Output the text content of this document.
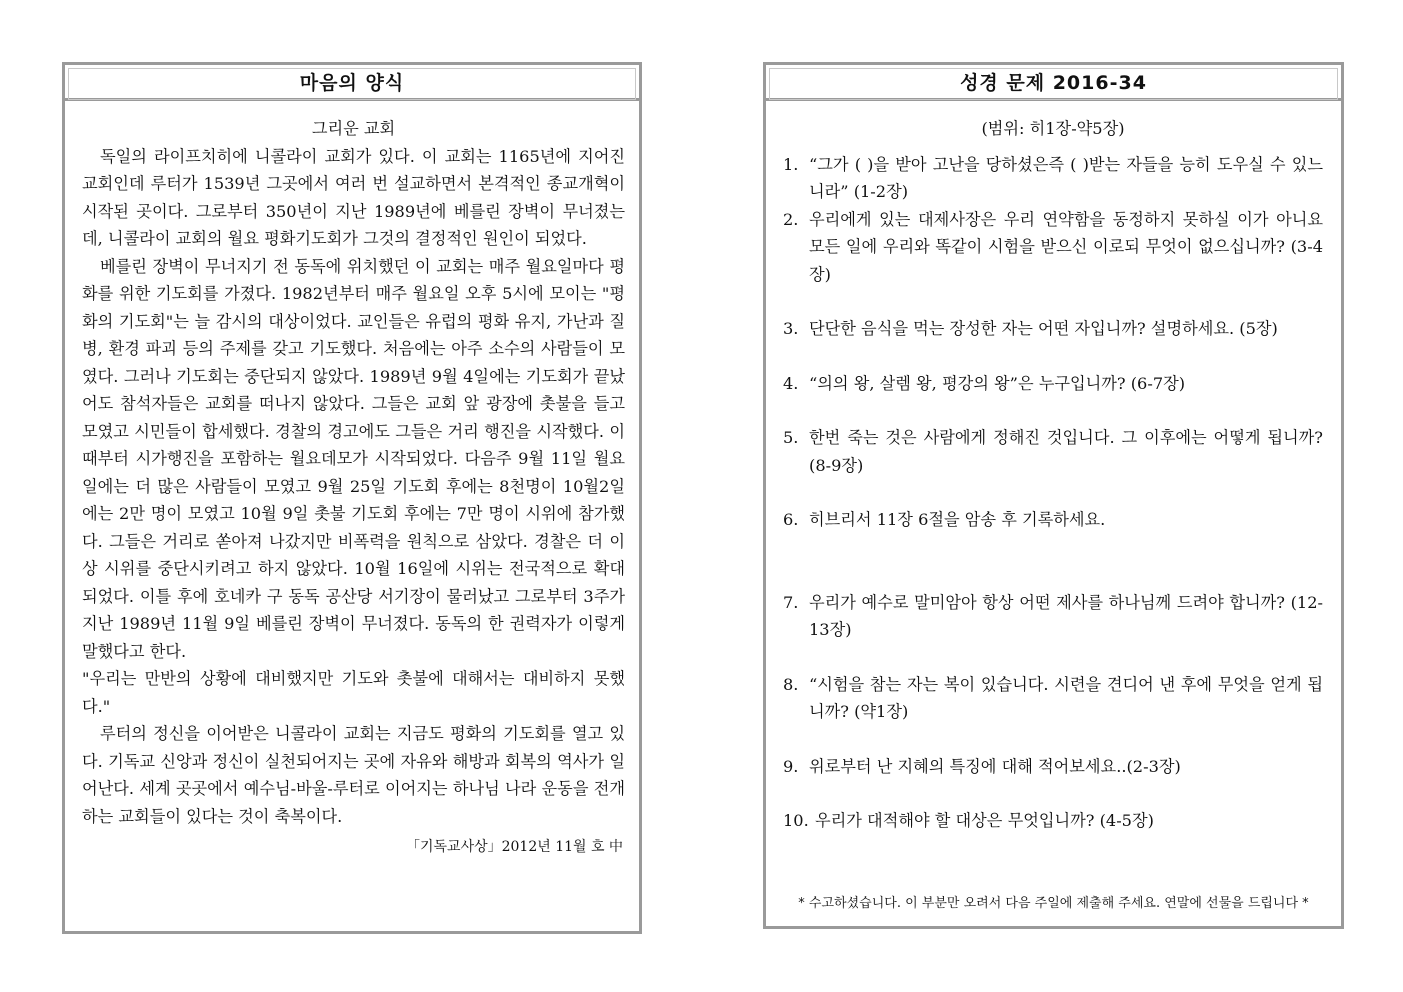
마음의 양식

그리운 교회

독일의 라이프치히에 니콜라이 교회가 있다. 이 교회는 1165년에 지어진 교회인데 루터가 1539년 그곳에서 여러 번 설교하면서 본격적인 종교개혁이 시작된 곳이다. 그로부터 350년이 지난 1989년에 베를린 장벽이 무너졌는데, 니콜라이 교회의 월요 평화기도회가 그것의 결정적인 원인이 되었다.

베를린 장벽이 무너지기 전 동독에 위치했던 이 교회는 매주 월요일마다 평화를 위한 기도회를 가졌다. 1982년부터 매주 월요일 오후 5시에 모이는 "평화의 기도회"는 늘 감시의 대상이었다. 교인들은 유럽의 평화 유지, 가난과 질병, 환경 파괴 등의 주제를 갖고 기도했다. 처음에는 아주 소수의 사람들이 모였다. 그러나 기도회는 중단되지 않았다. 1989년 9월 4일에는 기도회가 끝났어도 참석자들은 교회를 떠나지 않았다. 그들은 교회 앞 광장에 촛불을 들고 모였고 시민들이 합세했다. 경찰의 경고에도 그들은 거리 행진을 시작했다. 이때부터 시가행진을 포함하는 월요데모가 시작되었다. 다음주 9월 11일 월요일에는 더 많은 사람들이 모였고 9월 25일 기도회 후에는 8천명이 10월2일에는 2만 명이 모였고 10월 9일 촛불 기도회 후에는 7만 명이 시위에 참가했다. 그들은 거리로 쏟아져 나갔지만 비폭력을 원칙으로 삼았다. 경찰은 더 이상 시위를 중단시키려고 하지 않았다. 10월 16일에 시위는 전국적으로 확대되었다. 이틀 후에 호네카 구 동독 공산당 서기장이 물러났고 그로부터 3주가 지난 1989년 11월 9일 베를린 장벽이 무너졌다. 동독의 한 권력자가 이렇게 말했다고 한다.

"우리는 만반의 상황에 대비했지만 기도와 촛불에 대해서는 대비하지 못했다."

루터의 정신을 이어받은 니콜라이 교회는 지금도 평화의 기도회를 열고 있다. 기독교 신앙과 정신이 실천되어지는 곳에 자유와 해방과 회복의 역사가 일어난다. 세계 곳곳에서 예수님-바울-루터로 이어지는 하나님 나라 운동을 전개하는 교회들이 있다는 것이 축복이다.

「기독교사상」2012년 11월 호 中
성경 문제 2016-34

(범위: 히1장-약5장)

1. “그가 ( )을 받아 고난을 당하셨은즉 ( )받는 자들을 능히 도우실 수 있느니라” (1-2장)
2. 우리에게 있는 대제사장은 우리 연약함을 동정하지 못하실 이가 아니요 모든 일에 우리와 똑같이 시험을 받으신 이로되 무엇이 없으십니까? (3-4장)
3. 단단한 음식을 먹는 장성한 자는 어떤 자입니까? 설명하세요. (5장)
4. “의의 왕, 살렘 왕, 평강의 왕”은 누구입니까? (6-7장)
5. 한번 죽는 것은 사람에게 정해진 것입니다. 그 이후에는 어떻게 됩니까? (8-9장)
6. 히브리서 11장 6절을 암송 후 기록하세요.
7. 우리가 예수로 말미암아 항상 어떤 제사를 하나님께 드려야 합니까? (12-13장)
8. “시험을 참는 자는 복이 있습니다. 시련을 견디어 낸 후에 무엇을 얻게 됩니까? (약1장)
9. 위로부터 난 지혜의 특징에 대해 적어보세요..(2-3장)
10. 우리가 대적해야 할 대상은 무엇입니까? (4-5장)
* 수고하셨습니다. 이 부분만 오려서 다음 주일에 제출해 주세요. 연말에 선물을 드립니다 *
